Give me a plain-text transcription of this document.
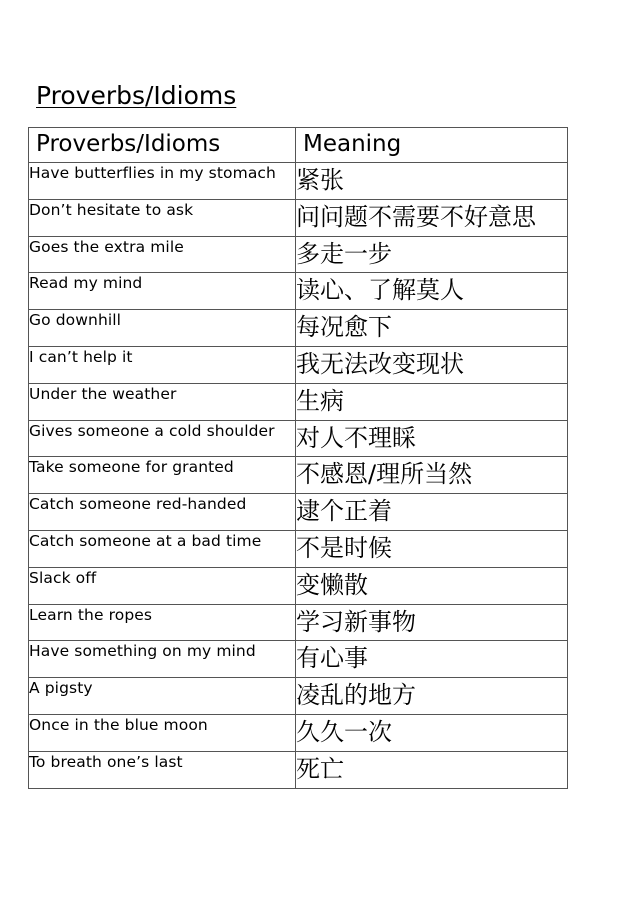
Proverbs/Idioms
Proverbs/Idioms	Meaning
Have butterflies in my stomach	紧张
Don’t hesitate to ask	问问题不需要不好意思
Goes the extra mile	多走一步
Read my mind	读心、了解莫人
Go downhill	每况愈下
I can’t help it	我无法改变现状
Under the weather	生病
Gives someone a cold shoulder	对人不理睬
Take someone for granted	不感恩/理所当然
Catch someone red-handed	逮个正着
Catch someone at a bad time	不是时候
Slack off	变懒散
Learn the ropes	学习新事物
Have something on my mind	有心事
A pigsty	凌乱的地方
Once in the blue moon	久久一次
To breath one’s last	死亡
